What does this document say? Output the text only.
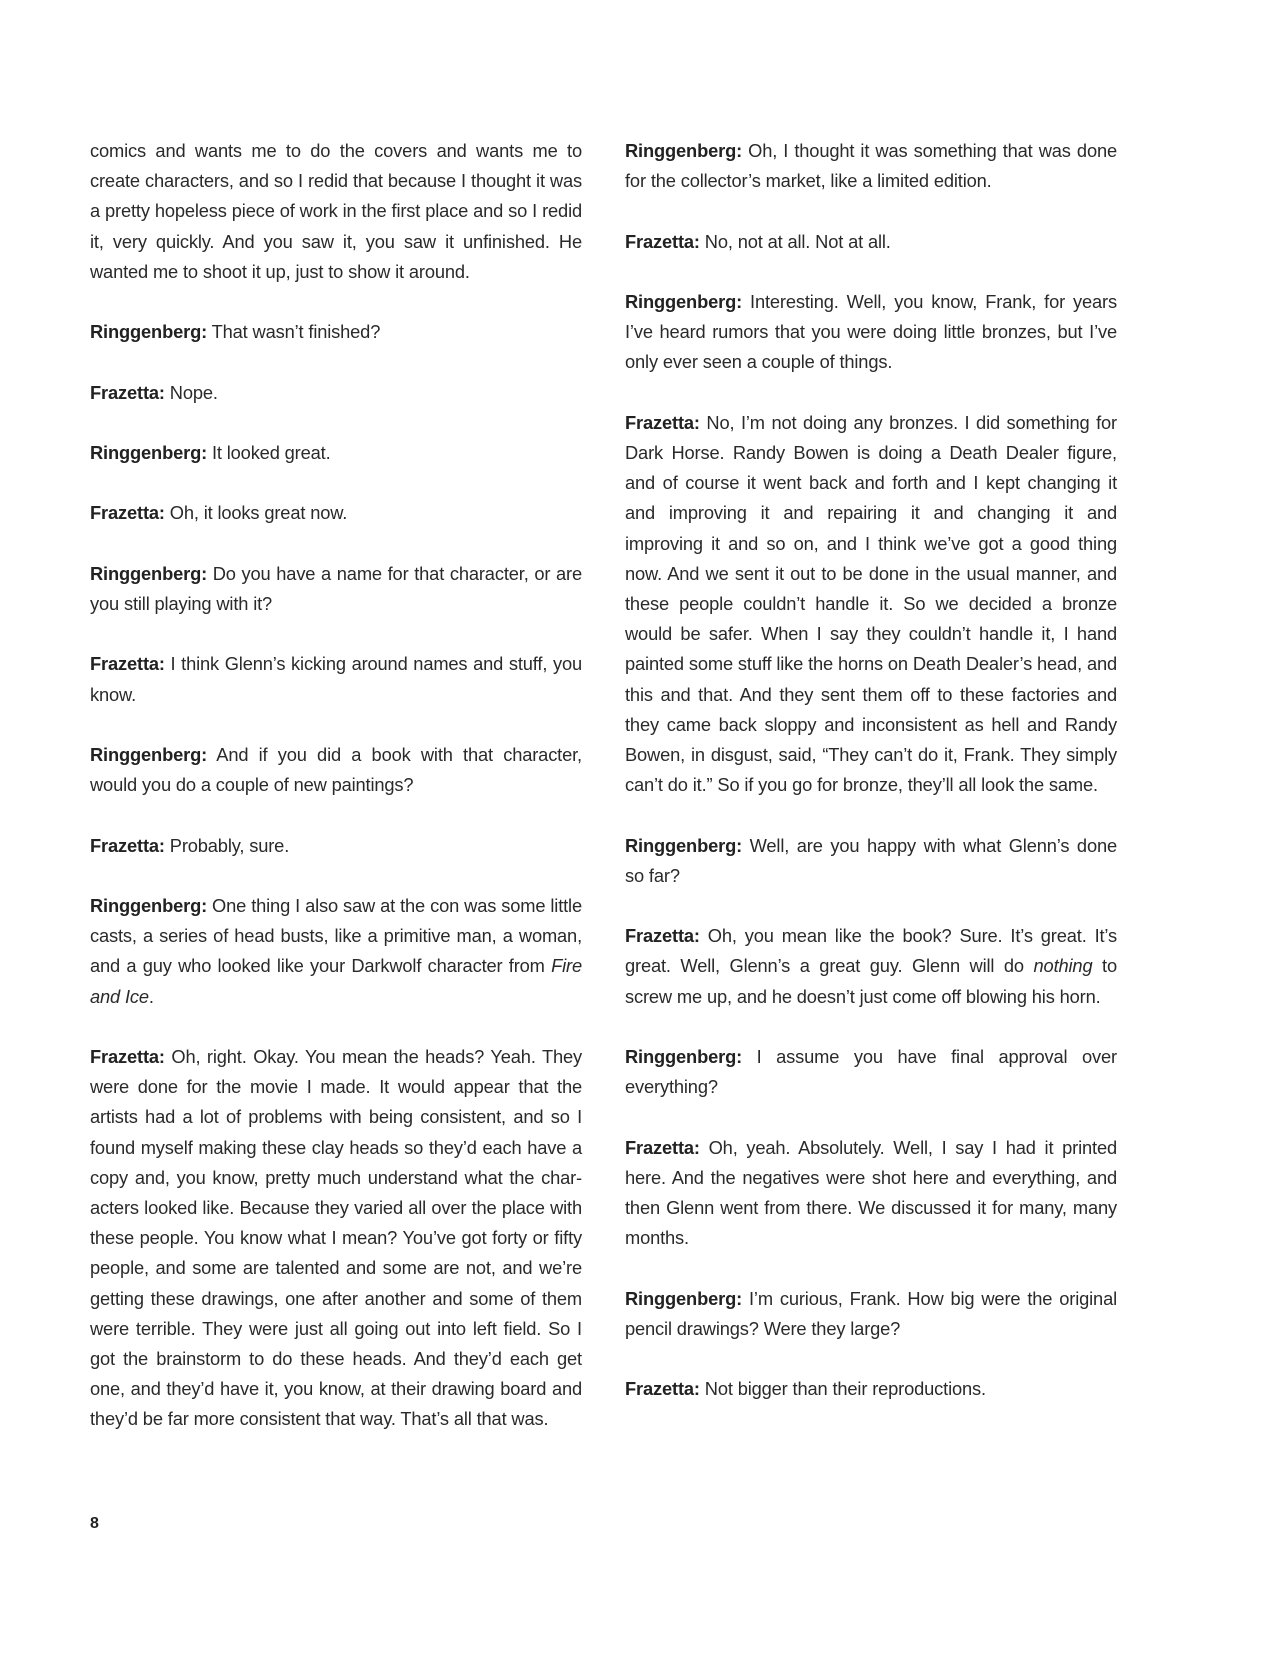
comics and wants me to do the covers and wants me to create characters, and so I redid that because I thought it was a pretty hopeless piece of work in the first place and so I redid it, very quickly. And you saw it, you saw it unfinished. He wanted me to shoot it up, just to show it around.

Ringgenberg: That wasn’t finished?

Frazetta: Nope.

Ringgenberg: It looked great.

Frazetta: Oh, it looks great now.

Ringgenberg: Do you have a name for that character, or are you still playing with it?

Frazetta: I think Glenn’s kicking around names and stuff, you know.

Ringgenberg: And if you did a book with that character, would you do a couple of new paintings?

Frazetta: Probably, sure.

Ringgenberg: One thing I also saw at the con was some little casts, a series of head busts, like a primitive man, a woman, and a guy who looked like your Darkwolf character from Fire and Ice.

Frazetta: Oh, right. Okay. You mean the heads? Yeah. They were done for the movie I made. It would appear that the artists had a lot of problems with being consistent, and so I found myself making these clay heads so they’d each have a copy and, you know, pretty much understand what the char-acters looked like. Because they varied all over the place with these people. You know what I mean? You’ve got forty or fifty people, and some are talented and some are not, and we’re getting these drawings, one after another and some of them were terrible. They were just all going out into left field. So I got the brainstorm to do these heads. And they’d each get one, and they’d have it, you know, at their drawing board and they’d be far more consistent that way. That’s all that was.

Ringgenberg: Oh, I thought it was something that was done for the collector’s market, like a limited edition.

Frazetta: No, not at all. Not at all.

Ringgenberg: Interesting. Well, you know, Frank, for years I’ve heard rumors that you were doing little bronzes, but I’ve only ever seen a couple of things.

Frazetta: No, I’m not doing any bronzes. I did something for Dark Horse. Randy Bowen is doing a Death Dealer figure, and of course it went back and forth and I kept changing it and improving it and repairing it and changing it and improving it and so on, and I think we’ve got a good thing now. And we sent it out to be done in the usual manner, and these people couldn’t handle it. So we decided a bronze would be safer. When I say they couldn’t handle it, I hand painted some stuff like the horns on Death Dealer’s head, and this and that. And they sent them off to these factories and they came back sloppy and inconsistent as hell and Randy Bowen, in disgust, said, “They can’t do it, Frank. They simply can’t do it.” So if you go for bronze, they’ll all look the same.

Ringgenberg: Well, are you happy with what Glenn’s done so far?

Frazetta: Oh, you mean like the book? Sure. It’s great. It’s great. Well, Glenn’s a great guy. Glenn will do nothing to screw me up, and he doesn’t just come off blowing his horn.

Ringgenberg: I assume you have final approval over everything?

Frazetta: Oh, yeah. Absolutely. Well, I say I had it printed here. And the negatives were shot here and everything, and then Glenn went from there. We discussed it for many, many months.

Ringgenberg: I’m curious, Frank. How big were the original pencil drawings? Were they large?

Frazetta: Not bigger than their reproductions.

8
